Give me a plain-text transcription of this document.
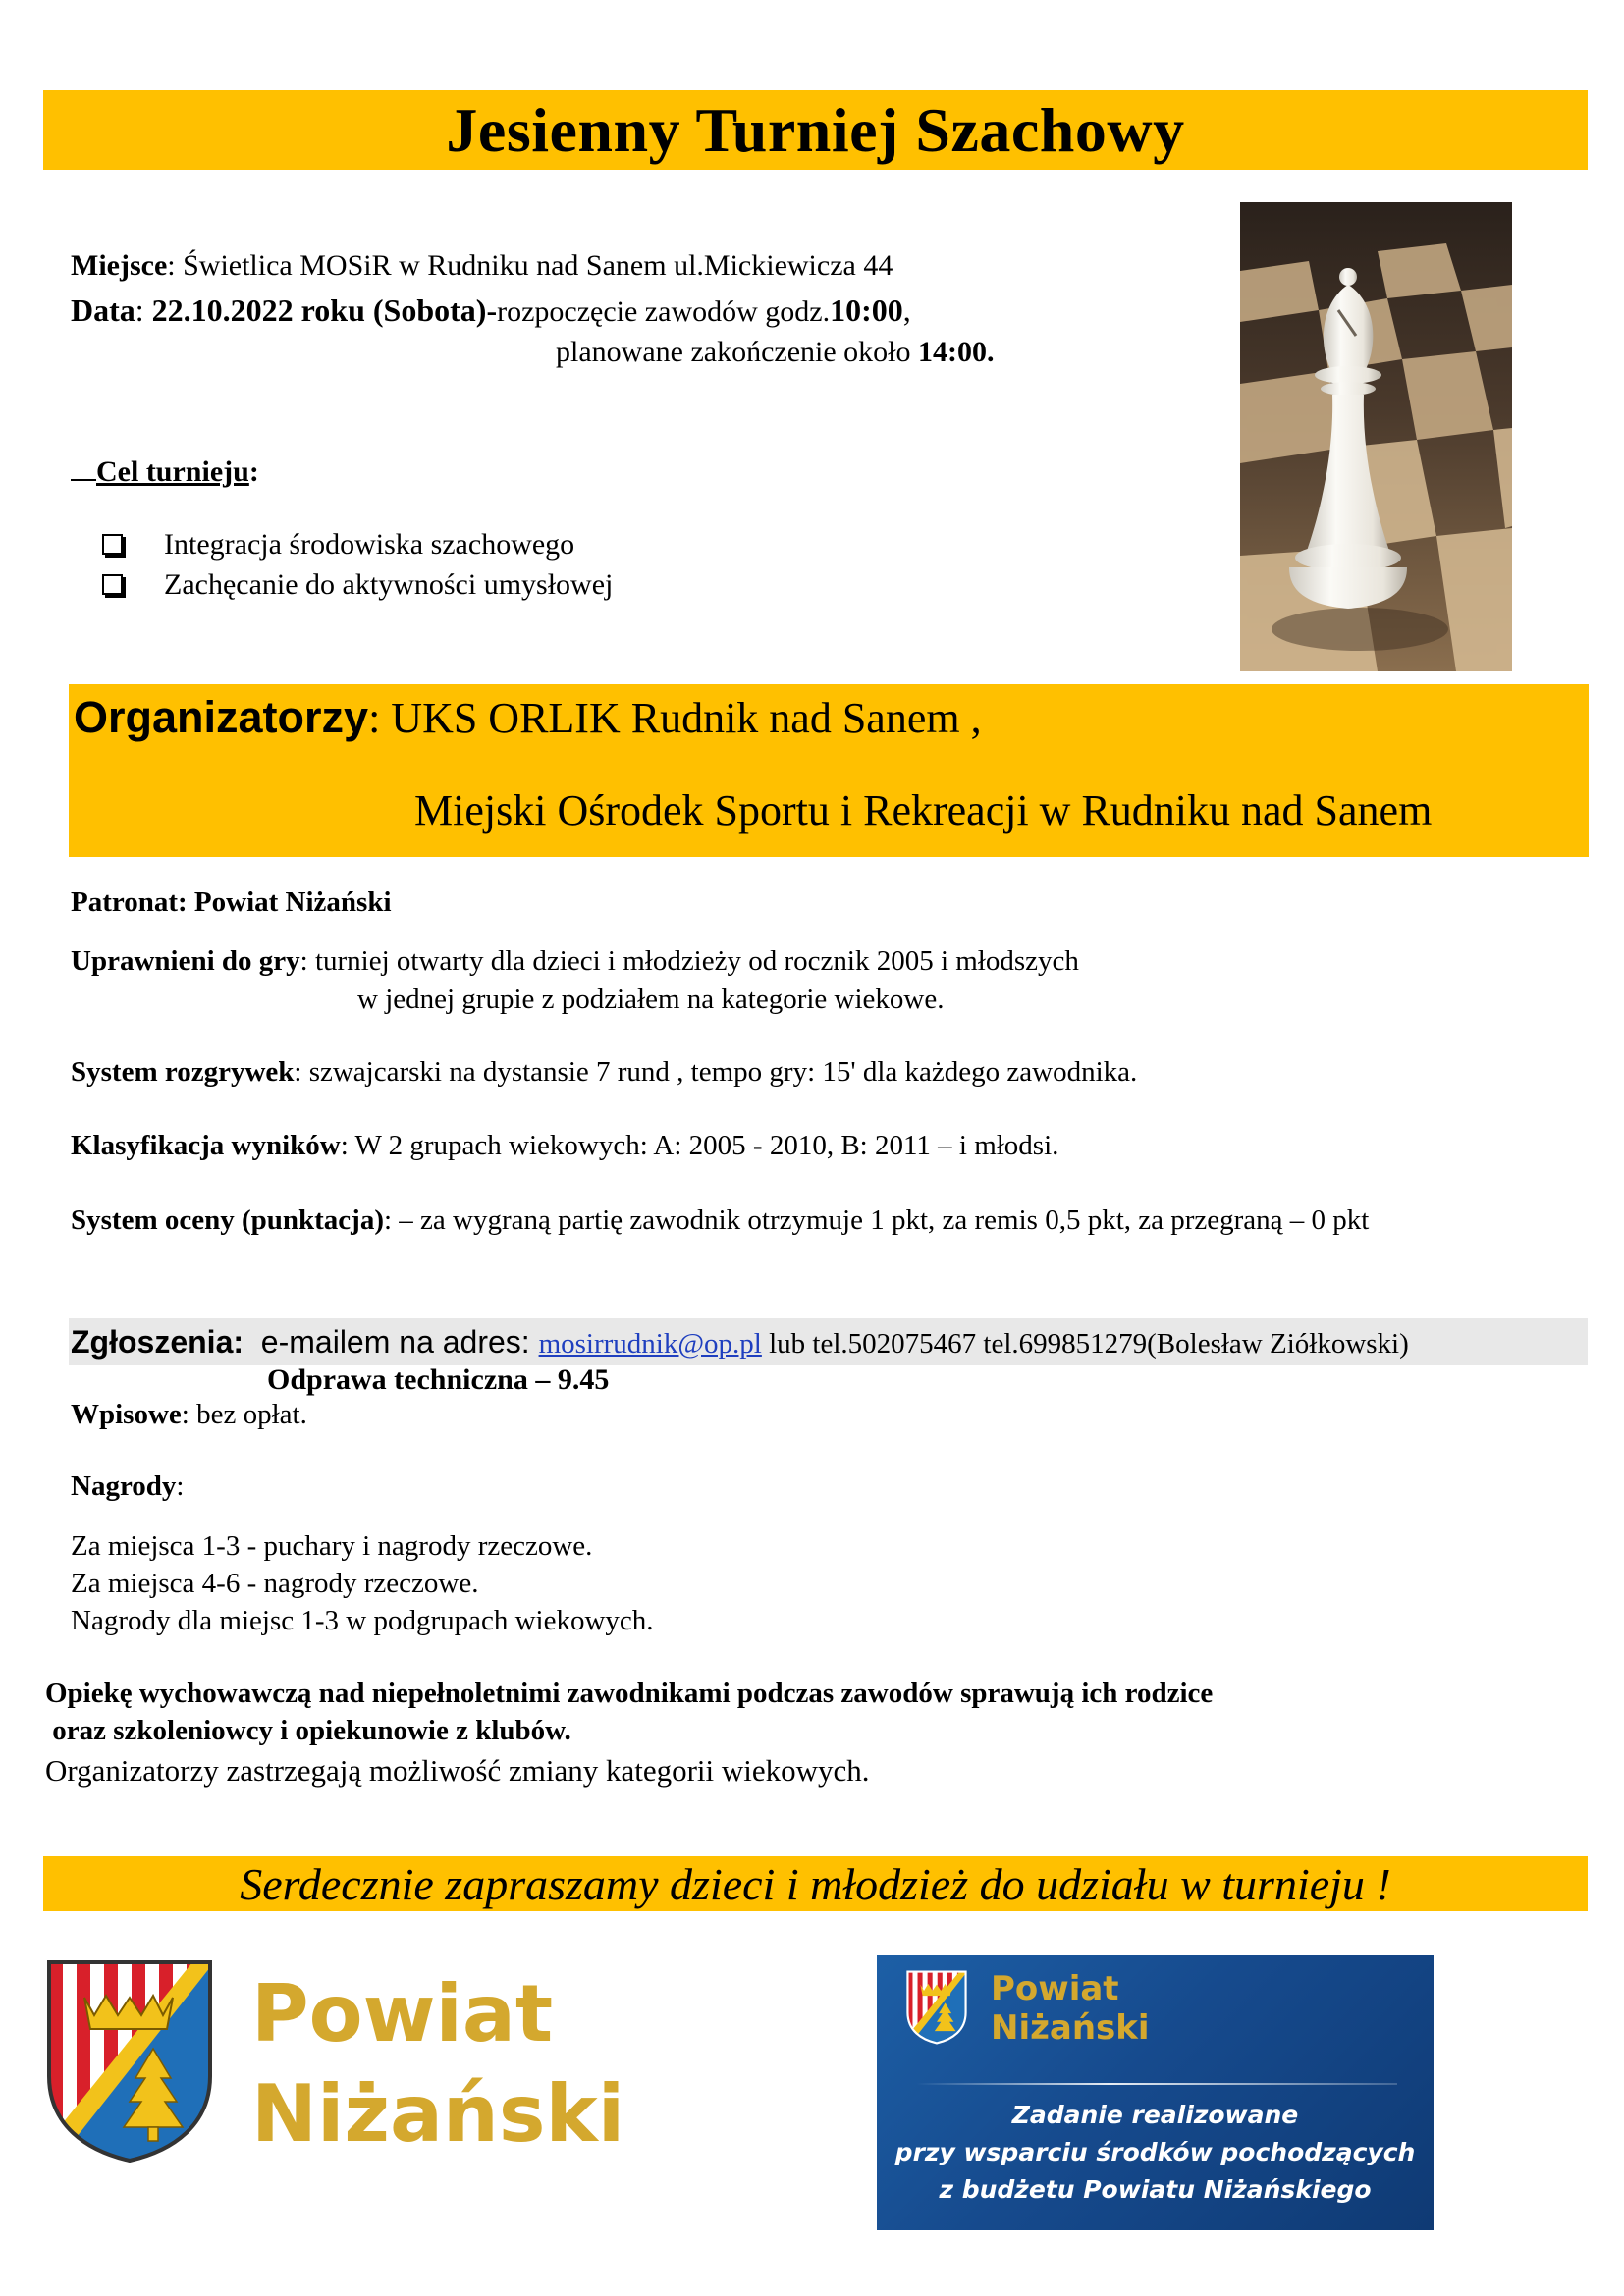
Jesienny Turniej Szachowy
Miejsce: Świetlica MOSiR w Rudniku nad Sanem ul.Mickiewicza 44
Data: 22.10.2022 roku (Sobota)-rozpoczęcie zawodów godz.10:00,
planowane zakończenie około 14:00.
Cel turnieju:
Integracja środowiska szachowego
Zachęcanie do aktywności umysłowej
Organizatorzy: UKS ORLIK Rudnik nad Sanem ,
Miejski Ośrodek Sportu i Rekreacji w Rudniku nad Sanem
Patronat: Powiat Niżański
Uprawnieni do gry: turniej otwarty dla dzieci i młodzieży od rocznik 2005 i młodszych
w jednej grupie z podziałem na kategorie wiekowe.
System rozgrywek: szwajcarski na dystansie 7 rund , tempo gry: 15' dla każdego zawodnika.
Klasyfikacja wyników: W 2 grupach wiekowych: A: 2005 - 2010, B: 2011 – i młodsi.
System oceny (punktacja): – za wygraną partię zawodnik otrzymuje 1 pkt, za remis 0,5 pkt, za przegraną – 0 pkt
Zgłoszenia:  e-mailem na adres: mosirrudnik@op.pl lub tel.502075467 tel.699851279(Bolesław Ziółkowski)
Odprawa techniczna – 9.45
Wpisowe: bez opłat.
Nagrody:
Za miejsca 1-3 - puchary i nagrody rzeczowe.
Za miejsca 4-6 - nagrody rzeczowe.
Nagrody dla miejsc 1-3 w podgrupach wiekowych.
Opiekę wychowawczą nad niepełnoletnimi zawodnikami podczas zawodów sprawują ich rodzice
oraz szkoleniowcy i opiekunowie z klubów.
Organizatorzy zastrzegają możliwość zmiany kategorii wiekowych.
Serdecznie zapraszamy dzieci i młodzież do udziału w turnieju !
Powiat
Niżański
Powiat
Niżański
Zadanie realizowane
przy wsparciu środków pochodzących
z budżetu Powiatu Niżańskiego
